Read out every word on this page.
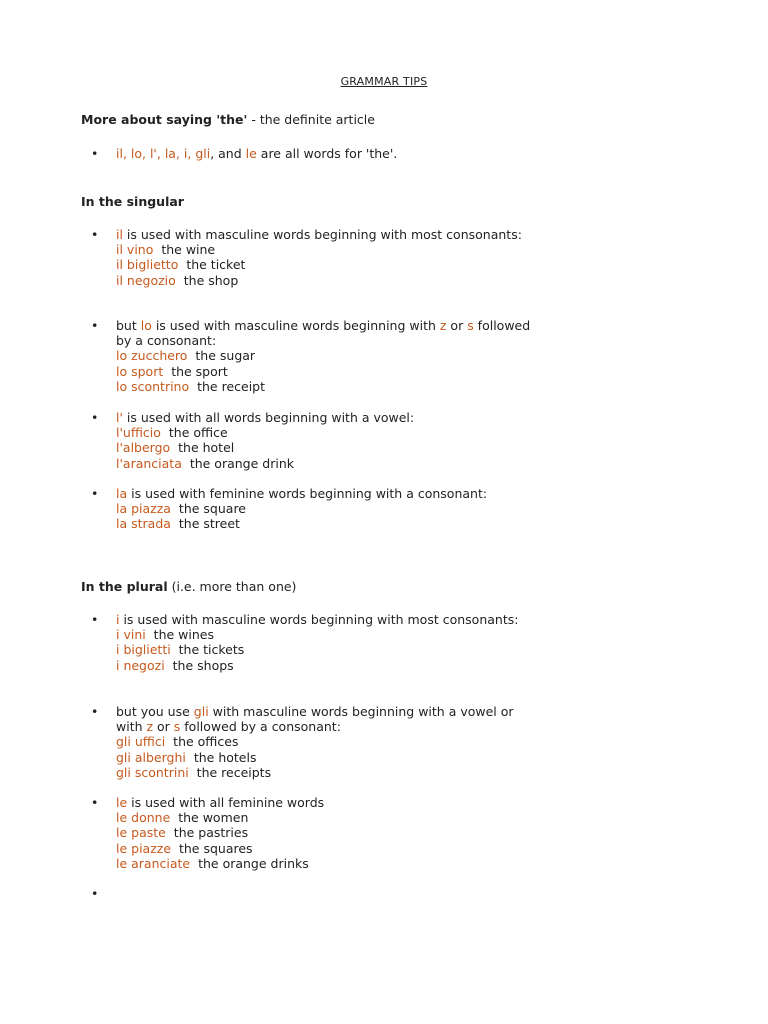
GRAMMAR TIPS
More about saying 'the' - the definite article
•	il, lo, l', la, i, gli, and le are all words for 'the'.
In the singular
•	il is used with masculine words beginning with most consonants:
il vino the wine
il biglietto the ticket
il negozio the shop
•	but lo is used with masculine words beginning with z or s followed by a consonant:
lo zucchero the sugar
lo sport the sport
lo scontrino the receipt
•	l' is used with all words beginning with a vowel:
l'ufficio the office
l'albergo the hotel
l'aranciata the orange drink
•	la is used with feminine words beginning with a consonant:
la piazza the square
la strada the street
In the plural (i.e. more than one)
•	i is used with masculine words beginning with most consonants:
i vini the wines
i biglietti the tickets
i negozi the shops
•	but you use gli with masculine words beginning with a vowel or with z or s followed by a consonant:
gli uffici the offices
gli alberghi the hotels
gli scontrini the receipts
•	le is used with all feminine words
le donne the women
le paste the pastries
le piazze the squares
le aranciate the orange drinks
•
